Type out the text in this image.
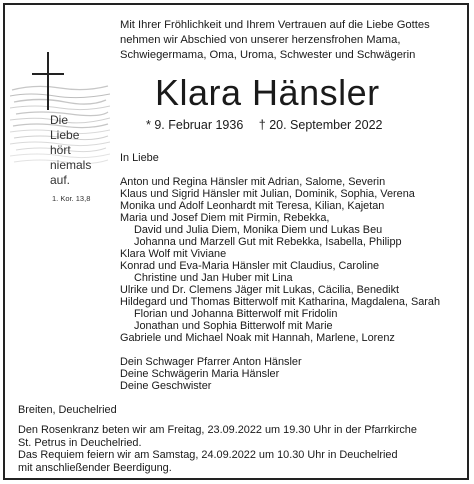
Die
Liebe
hört
niemals
auf.
1. Kor. 13,8
Mit Ihrer Fröhlichkeit und Ihrem Vertrauen auf die Liebe Gottes
nehmen wir Abschied von unserer herzensfrohen Mama,
Schwiegermama, Oma, Uroma, Schwester und Schwägerin
Klara Hänsler
* 9. Februar 1936 † 20. September 2022
In Liebe
Anton und Regina Hänsler mit Adrian, Salome, Severin
Klaus und Sigrid Hänsler mit Julian, Dominik, Sophia, Verena
Monika und Adolf Leonhardt mit Teresa, Kilian, Kajetan
Maria und Josef Diem mit Pirmin, Rebekka,
David und Julia Diem, Monika Diem und Lukas Beu
Johanna und Marzell Gut mit Rebekka, Isabella, Philipp
Klara Wolf mit Viviane
Konrad und Eva-Maria Hänsler mit Claudius, Caroline
Christine und Jan Huber mit Lina
Ulrike und Dr. Clemens Jäger mit Lukas, Cäcilia, Benedikt
Hildegard und Thomas Bitterwolf mit Katharina, Magdalena, Sarah
Florian und Johanna Bitterwolf mit Fridolin
Jonathan und Sophia Bitterwolf mit Marie
Gabriele und Michael Noak mit Hannah, Marlene, Lorenz
Dein Schwager Pfarrer Anton Hänsler
Deine Schwägerin Maria Hänsler
Deine Geschwister
Breiten, Deuchelried
Den Rosenkranz beten wir am Freitag, 23.09.2022 um 19.30 Uhr in der Pfarrkirche
St. Petrus in Deuchelried.
Das Requiem feiern wir am Samstag, 24.09.2022 um 10.30 Uhr in Deuchelried
mit anschließender Beerdigung.
